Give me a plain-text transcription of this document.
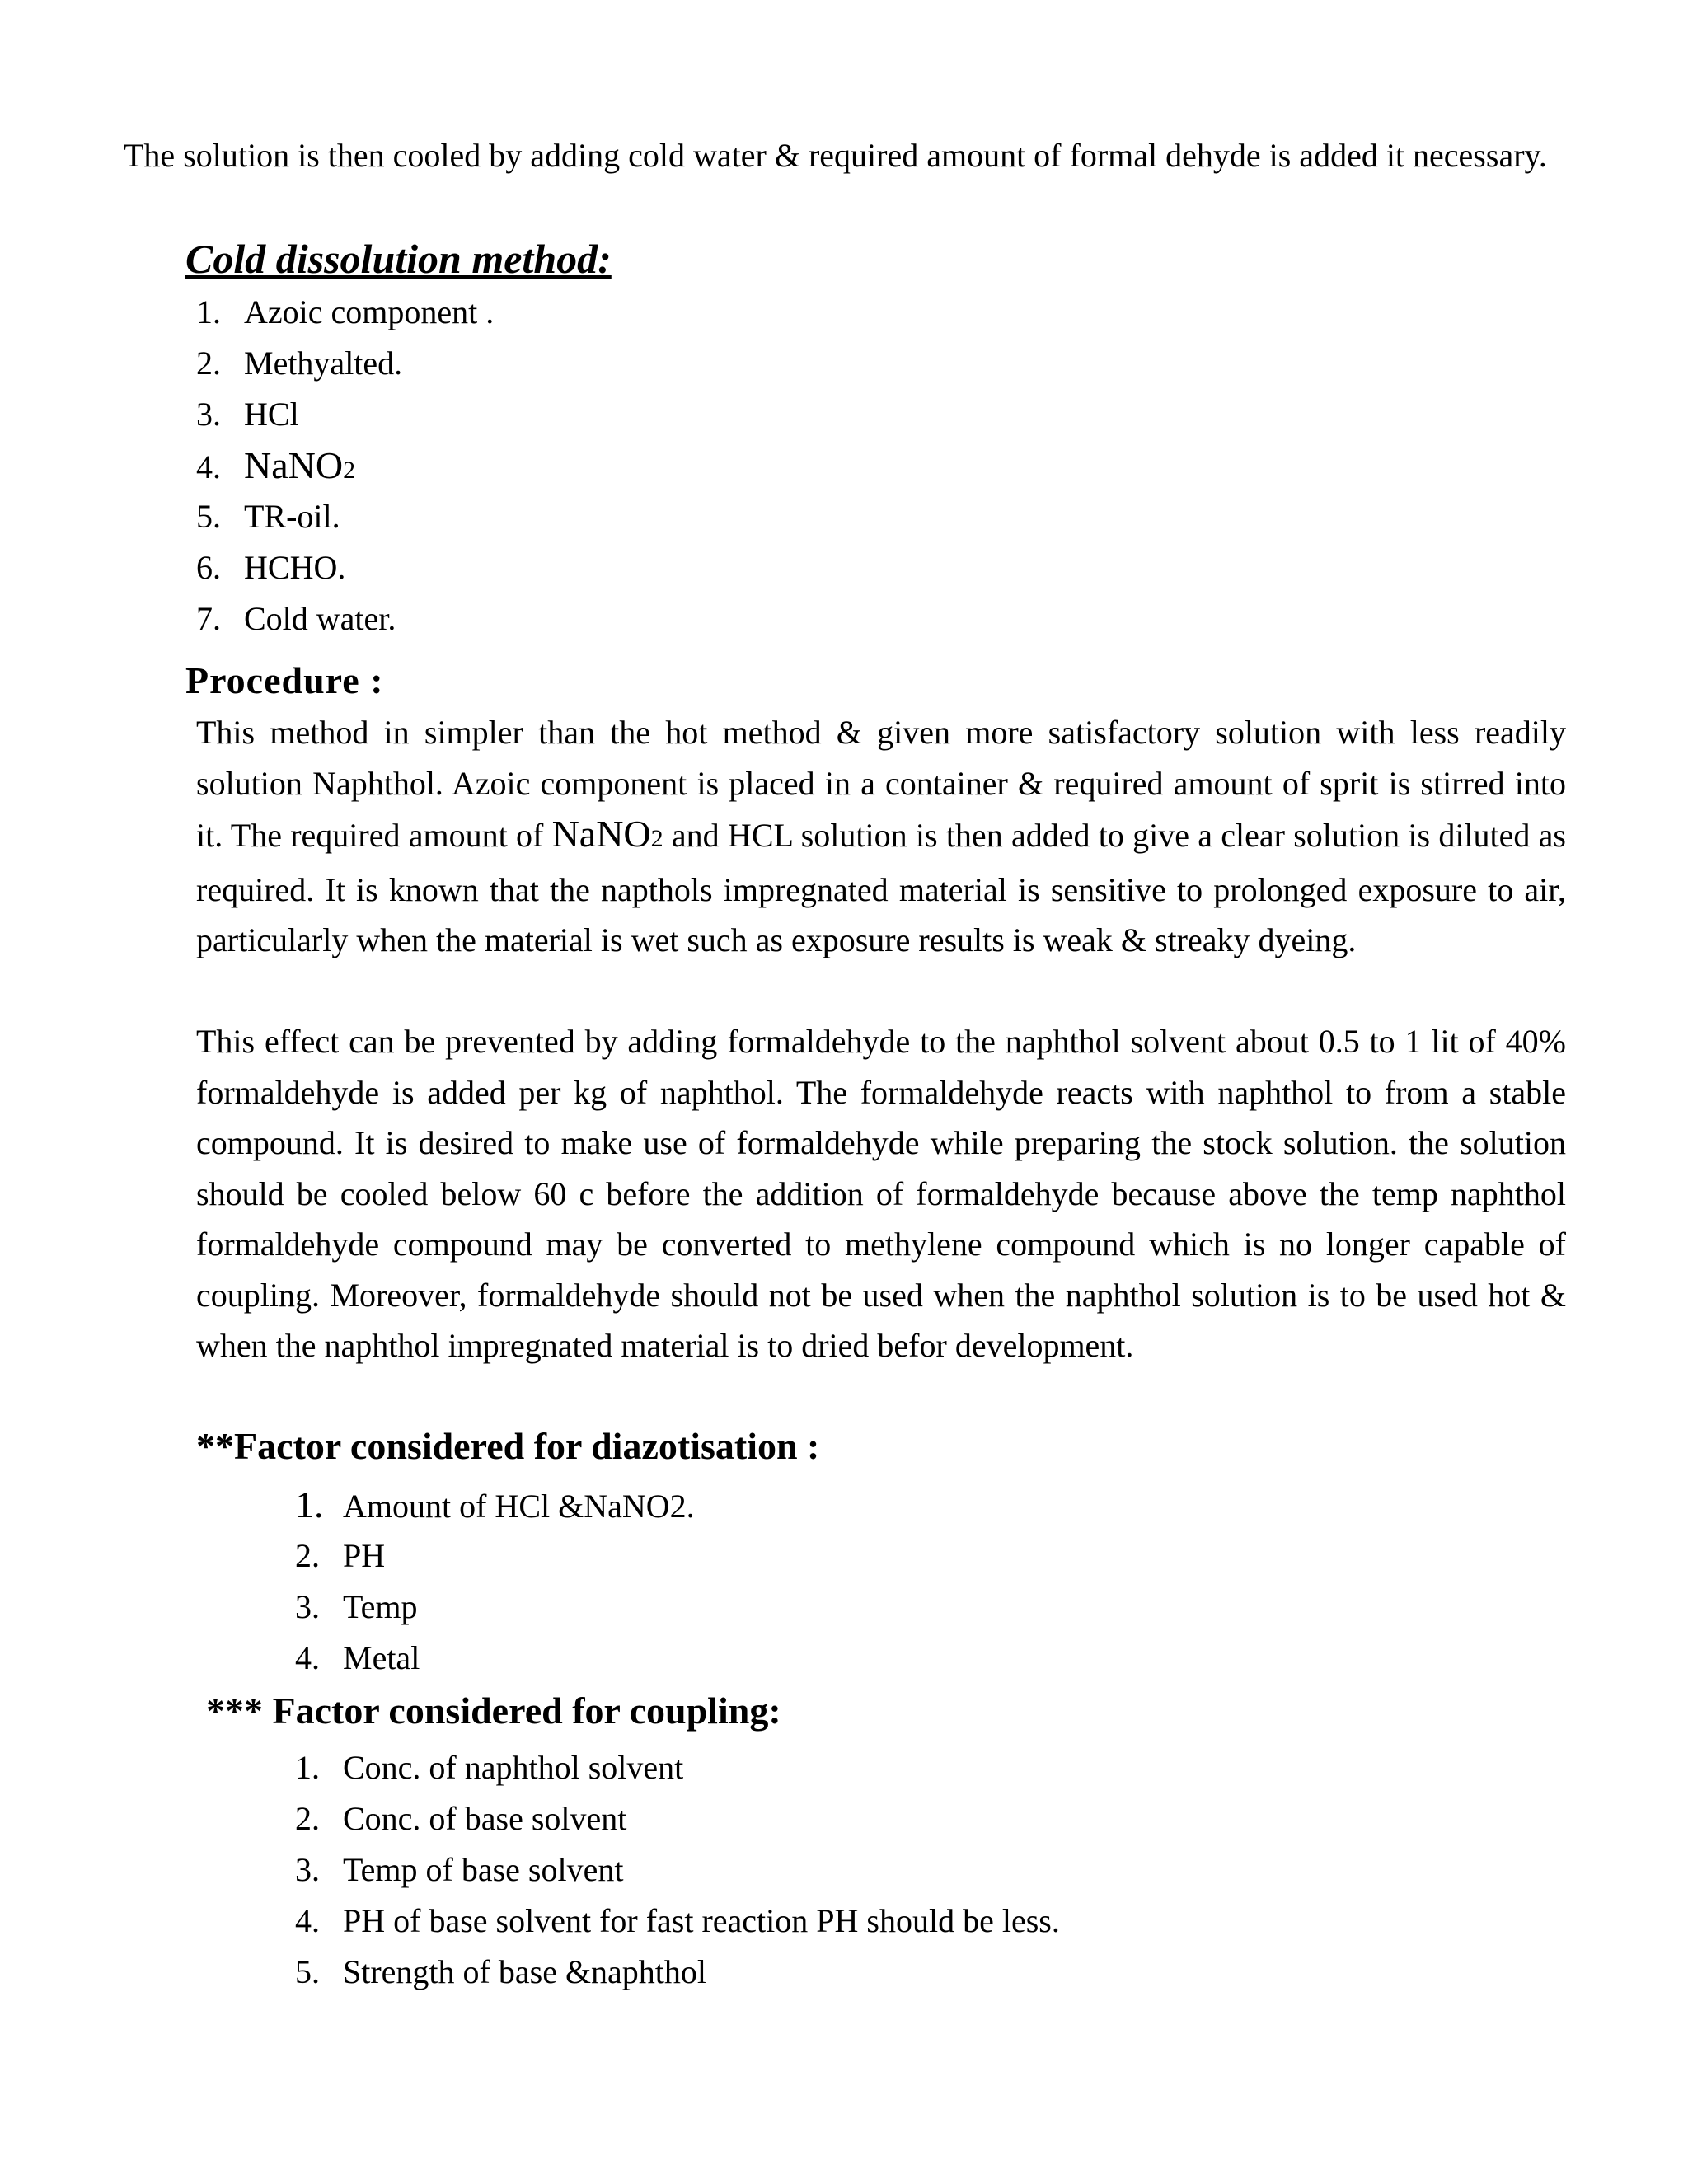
The solution is then cooled by adding cold water & required amount of formal dehyde is added it necessary.

Cold dissolution method:
1. Azoic component .
2. Methyalted.
3. HCl
4. NaNO2
5. TR-oil.
6. HCHO.
7. Cold water.
Procedure :

This method in simpler than the hot method & given more satisfactory solution with less readily solution Naphthol. Azoic component is placed in a container & required amount of sprit is stirred into it. The required amount of NaNO2 and HCL solution is then added to give a clear solution is diluted as required. It is known that the napthols impregnated material is sensitive to prolonged exposure to air, particularly when the material is wet such as exposure results is weak & streaky dyeing.

This effect can be prevented by adding formaldehyde to the naphthol solvent about 0.5 to 1 lit of 40% formaldehyde is added per kg of naphthol. The formaldehyde reacts with naphthol to from a stable compound. It is desired to make use of formaldehyde while preparing the stock solution. the solution should be cooled below 60 c before the addition of formaldehyde because above the temp naphthol formaldehyde compound may be converted to methylene compound which is no longer capable of coupling. Moreover, formaldehyde should not be used when the naphthol solution is to be used hot & when the naphthol impregnated material is to dried befor development.

**Factor considered for diazotisation :
1. Amount of HCl &NaNO2.
2. PH
3. Temp
4. Metal
*** Factor considered for coupling:
1. Conc. of naphthol solvent
2. Conc. of base solvent
3. Temp of base solvent
4. PH of base solvent for fast reaction PH should be less.
5. Strength of base &naphthol
